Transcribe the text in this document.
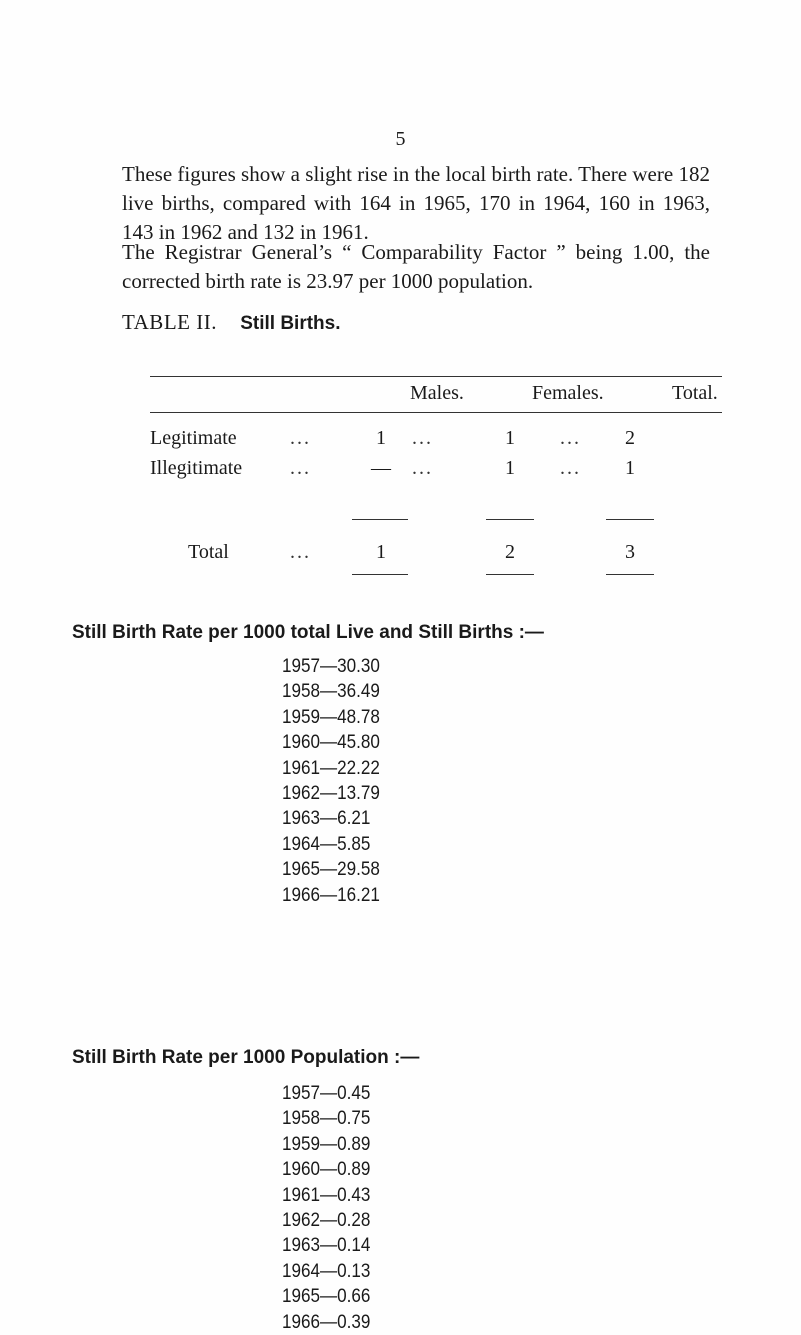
5

These figures show a slight rise in the local birth rate. There were 182 live births, compared with 164 in 1965, 170 in 1964, 160 in 1963, 143 in 1962 and 132 in 1961.

The Registrar General’s “ Comparability Factor ” being 1.00, the corrected birth rate is 23.97 per 1000 population.

TABLE II. Still Births.
Males.	Females.	Total.
Legitimate	...	1 ...	1 ... 2
Illegitimate ...	— ...	1 ... 1
Total	...	1	2	3
Still Birth Rate per 1000 total Live and Still Births :—
1957—30.30
1958—36.49
1959—48.78
1960—45.80
1961—22.22
1962—13.79
1963—6.21
1964—5.85
1965—29.58
1966—16.21
Still Birth Rate per 1000 Population :—
1957—0.45
1958—0.75
1959—0.89
1960—0.89
1961—0.43
1962—0.28
1963—0.14
1964—0.13
1965—0.66
1966—0.39
